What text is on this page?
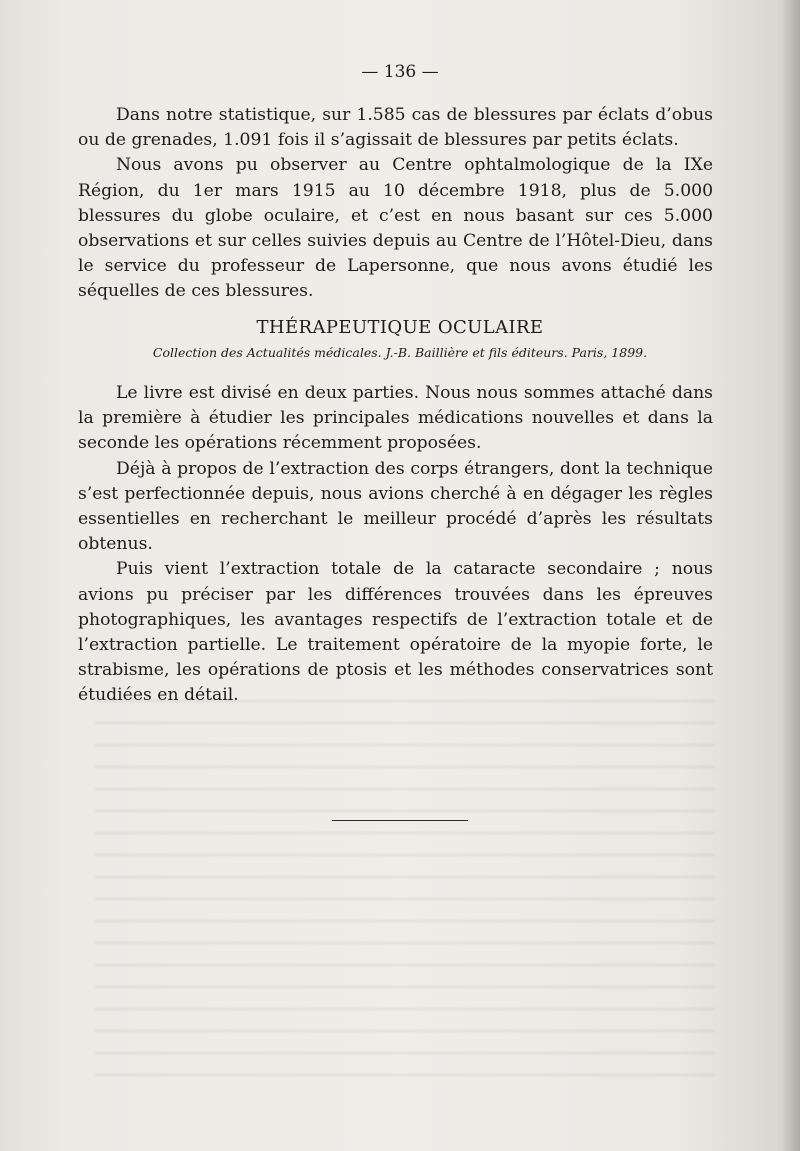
— 136 —

Dans notre statistique, sur 1.585 cas de blessures par éclats d’obus ou de grenades, 1.091 fois il s’agissait de blessures par petits éclats.

Nous avons pu observer au Centre ophtalmologique de la IXe Région, du 1er mars 1915 au 10 décembre 1918, plus de 5.000 blessures du globe oculaire, et c’est en nous basant sur ces 5.000 observations et sur celles suivies depuis au Centre de l’Hôtel-Dieu, dans le service du professeur de Lapersonne, que nous avons étudié les séquelles de ces blessures.

THÉRAPEUTIQUE OCULAIRE
Collection des Actualités médicales. J.-B. Baillière et fils éditeurs. Paris, 1899.

Le livre est divisé en deux parties. Nous nous sommes attaché dans la première à étudier les principales médications nouvelles et dans la seconde les opérations récemment proposées.

Déjà à propos de l’extraction des corps étrangers, dont la technique s’est perfectionnée depuis, nous avions cherché à en dégager les règles essentielles en recherchant le meilleur procédé d’après les résultats obtenus.

Puis vient l’extraction totale de la cataracte secondaire ; nous avions pu préciser par les différences trouvées dans les épreuves photographiques, les avantages respectifs de l’extraction totale et de l’extraction partielle. Le traitement opératoire de la myopie forte, le strabisme, les opérations de ptosis et les méthodes conservatrices sont étudiées en détail.
